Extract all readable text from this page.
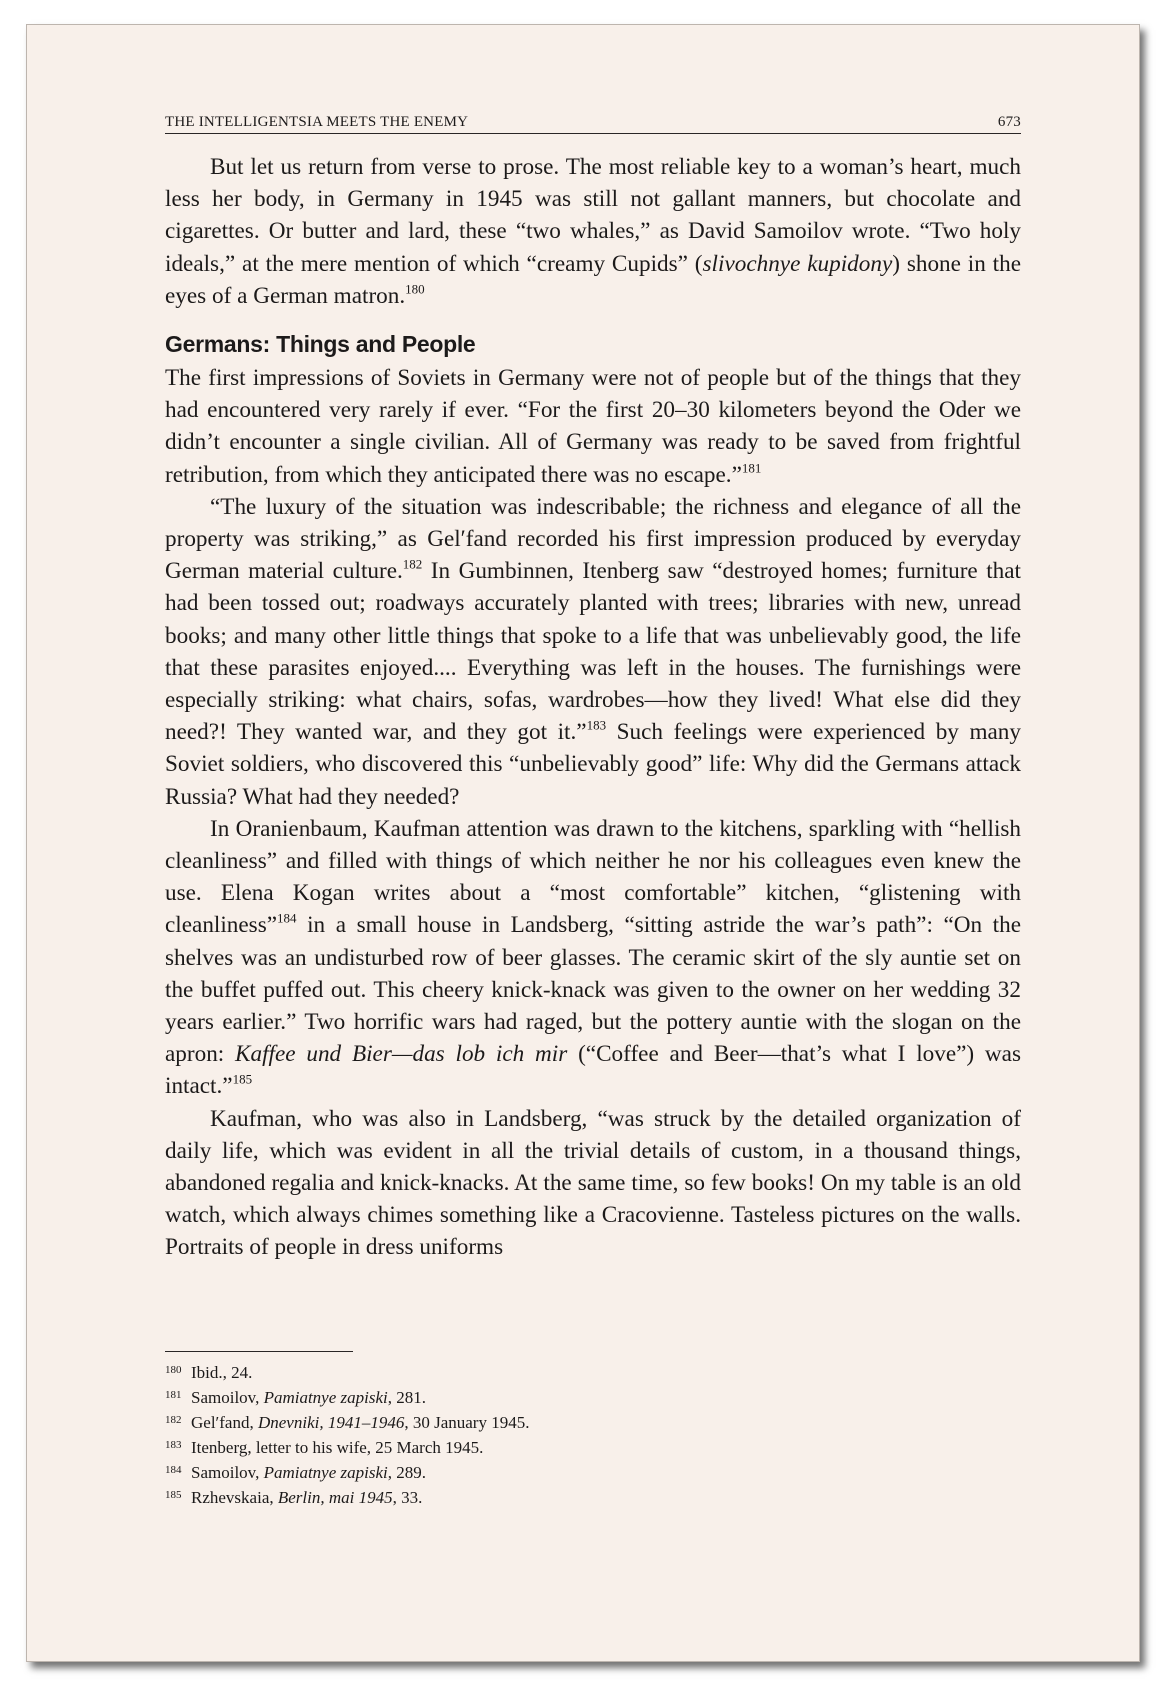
THE INTELLIGENTSIA MEETS THE ENEMY	673

But let us return from verse to prose. The most reliable key to a woman’s heart, much less her body, in Germany in 1945 was still not gallant manners, but chocolate and cigarettes. Or butter and lard, these “two whales,” as David Samoilov wrote. “Two holy ideals,” at the mere mention of which “creamy Cupids” (slivochnye kupidony) shone in the eyes of a German matron.$^{180}$

Germans: Things and People

The first impressions of Soviets in Germany were not of people but of the things that they had encountered very rarely if ever. “For the first 20–30 kilometers beyond the Oder we didn’t encounter a single civilian. All of Germany was ready to be saved from frightful retribution, from which they anticipated there was no escape.”$^{181}$

“The luxury of the situation was indescribable; the richness and elegance of all the property was striking,” as Gel′fand recorded his first impression produced by everyday German material culture.$^{182}$ In Gumbinnen, Itenberg saw “destroyed homes; furniture that had been tossed out; roadways accurately planted with trees; libraries with new, unread books; and many other little things that spoke to a life that was unbelievably good, the life that these parasites enjoyed.... Everything was left in the houses. The furnishings were especially striking: what chairs, sofas, wardrobes—how they lived! What else did they need?! They wanted war, and they got it.”$^{183}$ Such feelings were experienced by many Soviet soldiers, who discovered this “unbelievably good” life: Why did the Germans attack Russia? What had they needed?

In Oranienbaum, Kaufman attention was drawn to the kitchens, sparkling with “hellish cleanliness” and filled with things of which neither he nor his colleagues even knew the use. Elena Kogan writes about a “most comfortable” kitchen, “glistening with cleanliness”$^{184}$ in a small house in Landsberg, “sitting astride the war’s path”: “On the shelves was an undisturbed row of beer glasses. The ceramic skirt of the sly auntie set on the buffet puffed out. This cheery knick-knack was given to the owner on her wedding 32 years earlier.” Two horrific wars had raged, but the pottery auntie with the slogan on the apron: Kaffee und Bier—das lob ich mir (“Coffee and Beer—that’s what I love”) was intact.”$^{185}$

Kaufman, who was also in Landsberg, “was struck by the detailed organization of daily life, which was evident in all the trivial details of custom, in a thousand things, abandoned regalia and knick-knacks. At the same time, so few books! On my table is an old watch, which always chimes something like a Cracovienne. Tasteless pictures on the walls. Portraits of people in dress uniforms

180 Ibid., 24.

181 Samoilov, Pamiatnye zapiski, 281.

182 Gel′fand, Dnevniki, 1941–1946, 30 January 1945.

183 Itenberg, letter to his wife, 25 March 1945.

184 Samoilov, Pamiatnye zapiski, 289.

185 Rzhevskaia, Berlin, mai 1945, 33.
